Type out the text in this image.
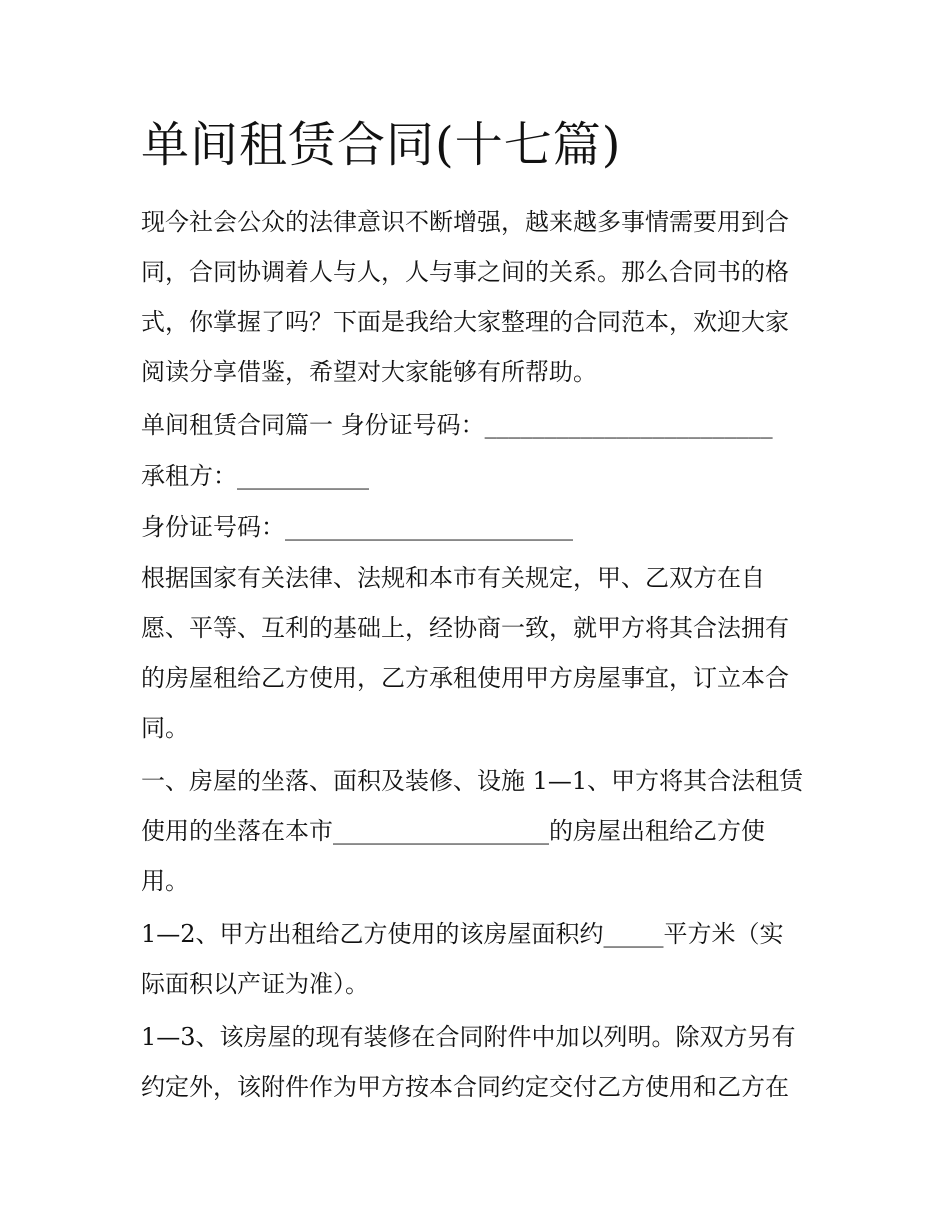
单间租赁合同(十七篇)

现今社会公众的法律意识不断增强，越来越多事情需要用到合

同，合同协调着人与人，人与事之间的关系。那么合同书的格

式，你掌握了吗？下面是我给大家整理的合同范本，欢迎大家

阅读分享借鉴，希望对大家能够有所帮助。

单间租赁合同篇一 身份证号码：________________________

承租方：___________

身份证号码：________________________

根据国家有关法律、法规和本市有关规定，甲、乙双方在自

愿、平等、互利的基础上，经协商一致，就甲方将其合法拥有

的房屋租给乙方使用，乙方承租使用甲方房屋事宜，订立本合

同。

一、房屋的坐落、面积及装修、设施 1—1、甲方将其合法租赁

使用的坐落在本市__________________的房屋出租给乙方使

用。

1—2、甲方出租给乙方使用的该房屋面积约_____平方米（实

际面积以产证为准）。

1—3、该房屋的现有装修在合同附件中加以列明。除双方另有

约定外，该附件作为甲方按本合同约定交付乙方使用和乙方在
